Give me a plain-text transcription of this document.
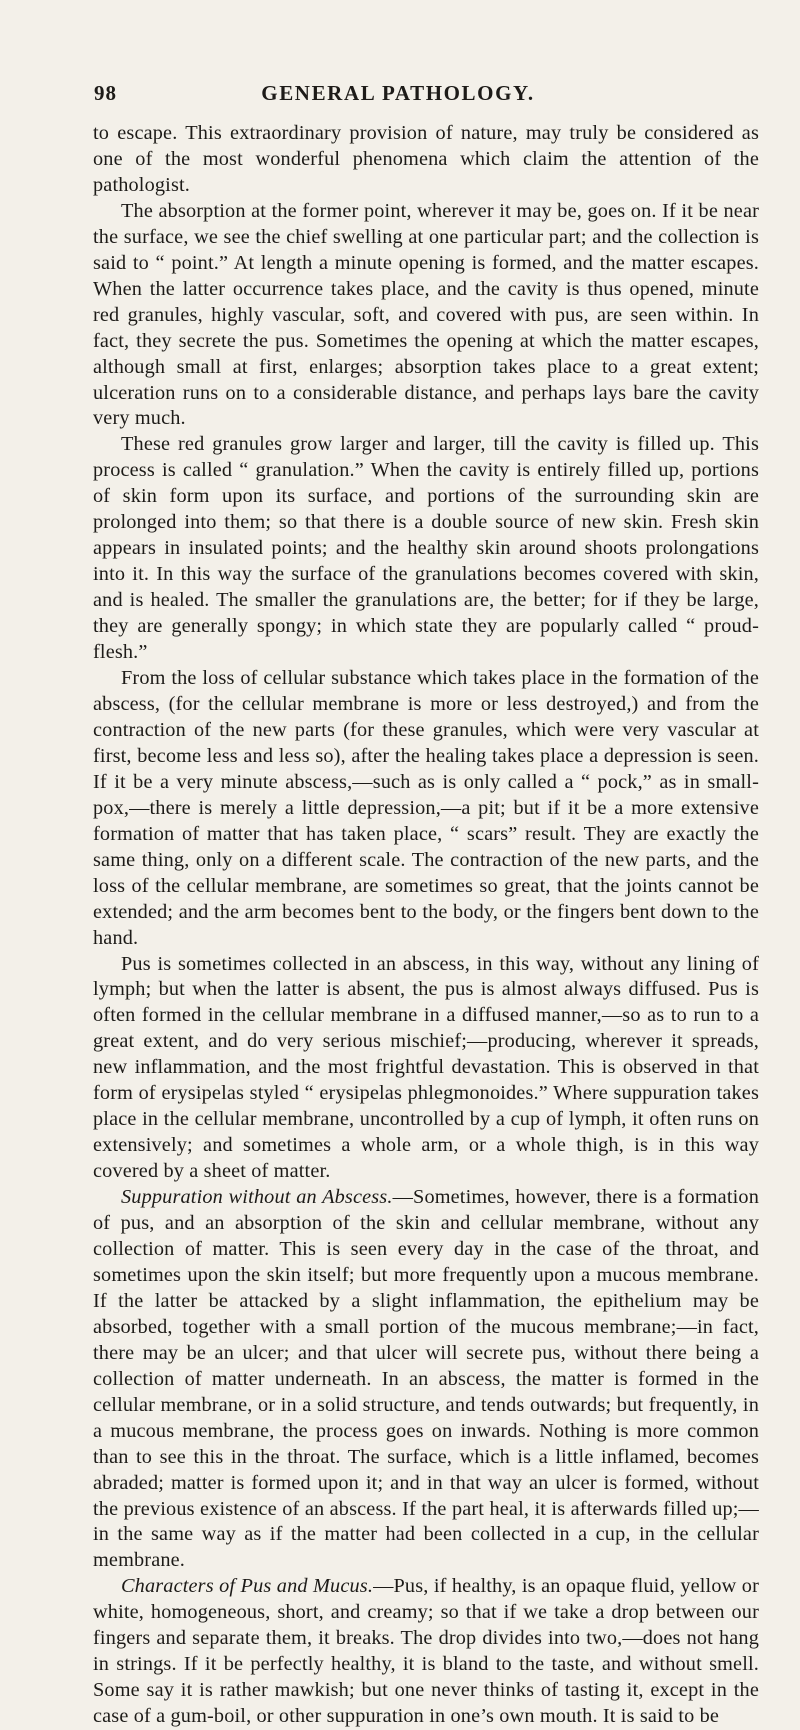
98	GENERAL PATHOLOGY.

to escape. This extraordinary provision of nature, may truly be considered as one of the most wonderful phenomena which claim the attention of the pathologist.

The absorption at the former point, wherever it may be, goes on. If it be near the surface, we see the chief swelling at one particular part; and the collection is said to “ point.” At length a minute opening is formed, and the matter escapes. When the latter occurrence takes place, and the cavity is thus opened, minute red granules, highly vascular, soft, and covered with pus, are seen within. In fact, they secrete the pus. Sometimes the opening at which the matter escapes, although small at first, enlarges; absorption takes place to a great extent; ulceration runs on to a considerable distance, and perhaps lays bare the cavity very much.

These red granules grow larger and larger, till the cavity is filled up. This process is called “ granulation.” When the cavity is entirely filled up, portions of skin form upon its surface, and portions of the surrounding skin are prolonged into them; so that there is a double source of new skin. Fresh skin appears in insulated points; and the healthy skin around shoots prolongations into it. In this way the surface of the granulations becomes covered with skin, and is healed. The smaller the granulations are, the better; for if they be large, they are generally spongy; in which state they are popularly called “ proud-flesh.”

From the loss of cellular substance which takes place in the formation of the abscess, (for the cellular membrane is more or less destroyed,) and from the contraction of the new parts (for these granules, which were very vascular at first, become less and less so), after the healing takes place a depression is seen. If it be a very minute abscess,—such as is only called a “ pock,” as in small-pox,—there is merely a little depression,—a pit; but if it be a more extensive formation of matter that has taken place, “ scars” result. They are exactly the same thing, only on a different scale. The contraction of the new parts, and the loss of the cellular membrane, are sometimes so great, that the joints cannot be extended; and the arm becomes bent to the body, or the fingers bent down to the hand.

Pus is sometimes collected in an abscess, in this way, without any lining of lymph; but when the latter is absent, the pus is almost always diffused. Pus is often formed in the cellular membrane in a diffused manner,—so as to run to a great extent, and do very serious mischief;—producing, wherever it spreads, new inflammation, and the most frightful devastation. This is observed in that form of erysipelas styled “ erysipelas phlegmonoides.” Where suppuration takes place in the cellular membrane, uncontrolled by a cup of lymph, it often runs on extensively; and sometimes a whole arm, or a whole thigh, is in this way covered by a sheet of matter.

Suppuration without an Abscess.—Sometimes, however, there is a formation of pus, and an absorption of the skin and cellular membrane, without any collection of matter. This is seen every day in the case of the throat, and sometimes upon the skin itself; but more frequently upon a mucous membrane. If the latter be attacked by a slight inflammation, the epithelium may be absorbed, together with a small portion of the mucous membrane;—in fact, there may be an ulcer; and that ulcer will secrete pus, without there being a collection of matter underneath. In an abscess, the matter is formed in the cellular membrane, or in a solid structure, and tends outwards; but frequently, in a mucous membrane, the process goes on inwards. Nothing is more common than to see this in the throat. The surface, which is a little inflamed, becomes abraded; matter is formed upon it; and in that way an ulcer is formed, without the previous existence of an abscess. If the part heal, it is afterwards filled up;—in the same way as if the matter had been collected in a cup, in the cellular membrane.

Characters of Pus and Mucus.—Pus, if healthy, is an opaque fluid, yellow or white, homogeneous, short, and creamy; so that if we take a drop between our fingers and separate them, it breaks. The drop divides into two,—does not hang in strings. If it be perfectly healthy, it is bland to the taste, and without smell. Some say it is rather mawkish; but one never thinks of tasting it, except in the case of a gum-boil, or other suppuration in one’s own mouth. It is said to be
